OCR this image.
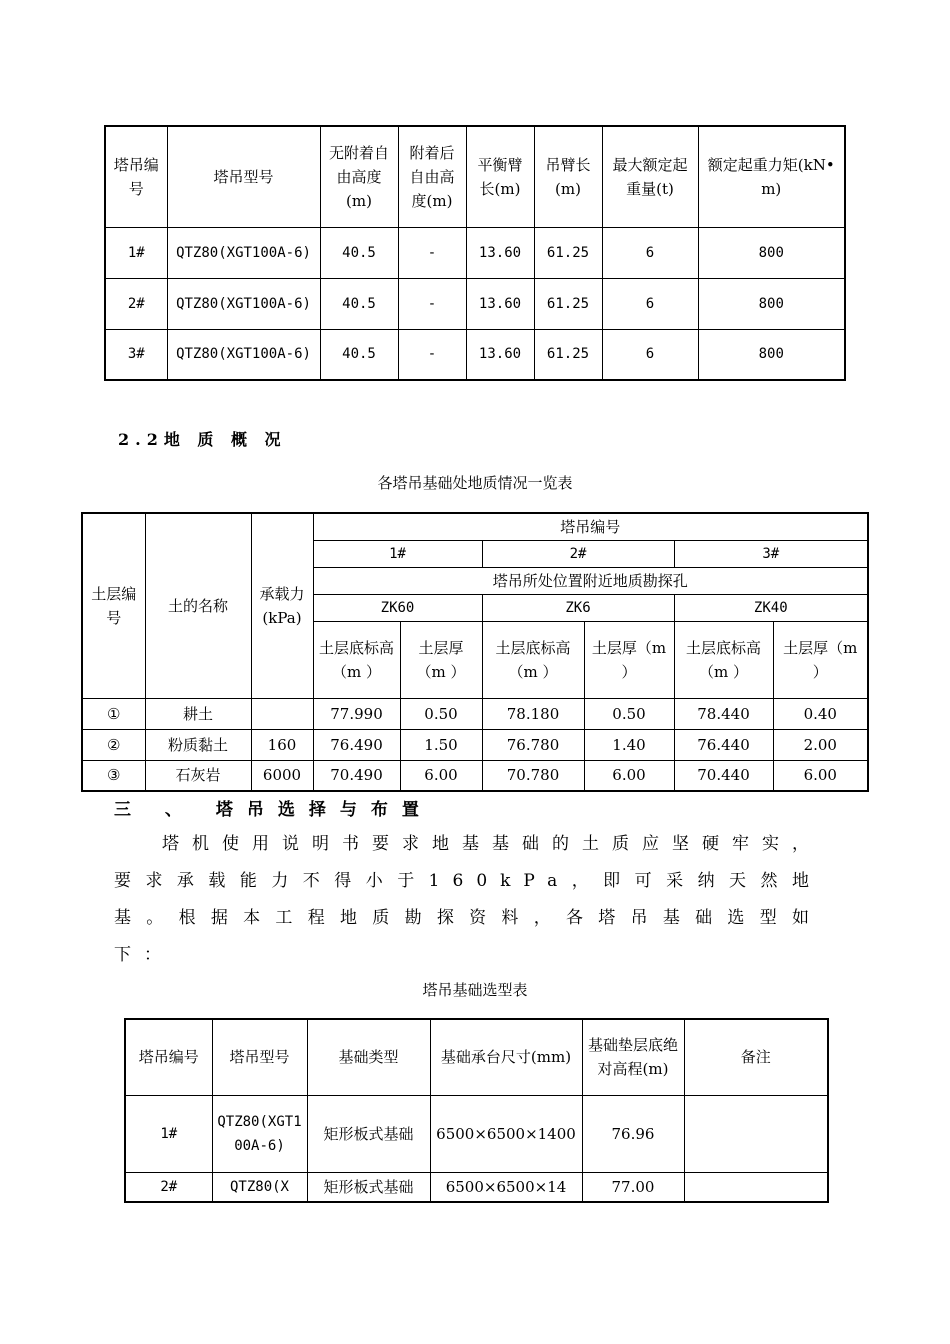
塔吊编号	塔吊型号	无附着自由高度(m)	附着后自由高度(m)	平衡臂长(m)	吊臂长(m)	最大额定起重量(t)	额定起重力矩(kN•m)
1#	QTZ80(XGT100A-6)	40.5	-	13.60	61.25	6	800
2#	QTZ80(XGT100A-6)	40.5	-	13.60	61.25	6	800
3#	QTZ80(XGT100A-6)	40.5	-	13.60	61.25	6	800
2.2地 质 概 况
各塔吊基础处地质情况一览表
土层编号	土的名称	承载力(kPa)	塔吊编号					
			1#		2#		3#	
			塔吊所处位置附近地质勘探孔					
			ZK60		ZK6		ZK40	
			土层底标高（m ）	土层厚（m ）	土层底标高（m ）	土层厚（m ）	土层底标高（m ）	土层厚（m ）
①	耕土		77.990	0.50	78.180	0.50	78.440	0.40
②	粉质黏土	160	76.490	1.50	76.780	1.40	76.440	2.00
③	石灰岩	6000	70.490	6.00	70.780	6.00	70.440	6.00
三 、 塔吊选择与布置
塔机使用说明书要求地基基础的土质应坚硬牢实，要求承载能力不得小于160kPa，即可采纳天然地基。根据本工程地质勘探资料，各塔吊基础选型如下：
塔吊基础选型表
塔吊编号	塔吊型号	基础类型	基础承台尺寸(mm)	基础垫层底绝对高程(m)	备注
1#	QTZ80(XGT100A-6)	矩形板式基础	6500×6500×1400	76.96	
2#	QTZ80(X	矩形板式基础	6500×6500×14	77.00	
